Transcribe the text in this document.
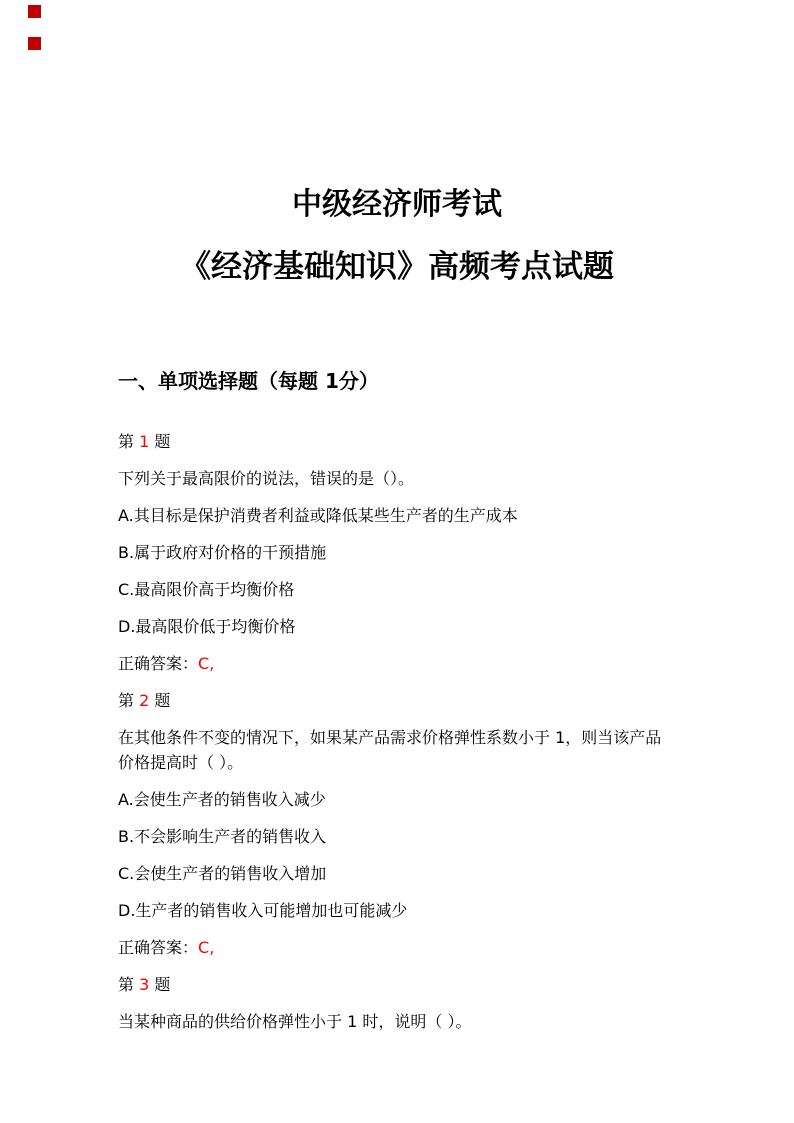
中级经济师考试
《经济基础知识》高频考点试题
一、单项选择题（每题 1分）

第 1 题

下列关于最高限价的说法，错误的是（）。

A.其目标是保护消费者利益或降低某些生产者的生产成本

B.属于政府对价格的干预措施

C.最高限价高于均衡价格

D.最高限价低于均衡价格

正确答案：C,

第 2 题

在其他条件不变的情况下，如果某产品需求价格弹性系数小于 1，则当该产品价格提高时（ ）。

A.会使生产者的销售收入减少

B.不会影响生产者的销售收入

C.会使生产者的销售收入增加

D.生产者的销售收入可能增加也可能减少

正确答案：C,

第 3 题

当某种商品的供给价格弹性小于 1 时，说明（ ）。
